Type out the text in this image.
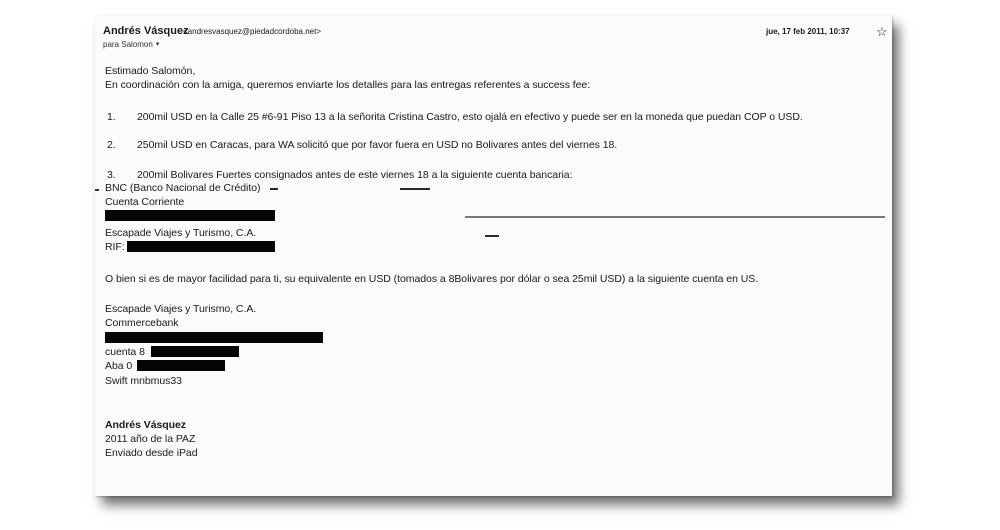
Andrés Vásquez
<andresvasquez@piedadcordoba.net>
para Salomon ▾
jue, 17 feb 2011, 10:37 ☆
Estimado Salomón,
En coordinación con la amiga, queremos enviarte los detalles para las entregas referentes a success fee:
1. 200mil USD en la Calle 25 #6-91 Piso 13 a la señorita Cristina Castro, esto ojalá en efectivo y puede ser en la moneda que puedan COP o USD.
2. 250mil USD en Caracas, para WA solicitó que por favor fuera en USD no Bolivares antes del viernes 18.
3. 200mil Bolivares Fuertes consignados antes de este viernes 18 a la siguiente cuenta bancaria:
BNC (Banco Nacional de Crédito)
Cuenta Corriente
Escapade Viajes y Turismo, C.A.
RIF:
O bien si es de mayor facilidad para ti, su equivalente en USD (tomados a 8Bolivares por dólar o sea 25mil USD) a la siguiente cuenta en US.
Escapade Viajes y Turismo, C.A.
Commercebank
cuenta 8
Aba 0
Swift mnbmus33
Andrés Vásquez
2011 año de la PAZ
Enviado desde iPad
